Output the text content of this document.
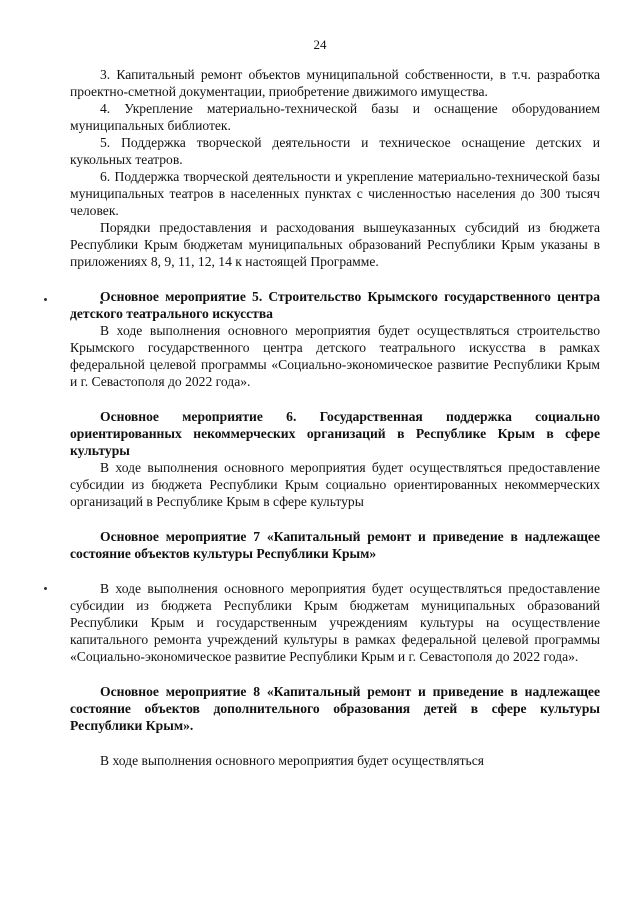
24

3. Капитальный ремонт объектов муниципальной собственности, в т.ч. разработка проектно-сметной документации, приобретение движимого имущества.

4. Укрепление материально-технической базы и оснащение оборудованием муниципальных библиотек.

5. Поддержка творческой деятельности и техническое оснащение детских и кукольных театров.

6. Поддержка творческой деятельности и укрепление материально-технической базы муниципальных театров в населенных пунктах с численностью населения до 300 тысяч человек.

Порядки предоставления и расходования вышеуказанных субсидий из бюджета Республики Крым бюджетам муниципальных образований Республики Крым указаны в приложениях 8, 9, 11, 12, 14 к настоящей Программе.

Основное мероприятие 5. Строительство Крымского государственного центра детского театрального искусства

В ходе выполнения основного мероприятия будет осуществляться строительство Крымского государственного центра детского театрального искусства в рамках федеральной целевой программы «Социально-экономическое развитие Республики Крым и г. Севастополя до 2022 года».

Основное мероприятие 6. Государственная поддержка социально ориентированных некоммерческих организаций в Республике Крым в сфере культуры

В ходе выполнения основного мероприятия будет осуществляться предоставление субсидии из бюджета Республики Крым социально ориентированных некоммерческих организаций в Республике Крым в сфере культуры

Основное мероприятие 7 «Капитальный ремонт и приведение в надлежащее состояние объектов культуры Республики Крым»

В ходе выполнения основного мероприятия будет осуществляться предоставление субсидии из бюджета Республики Крым бюджетам муниципальных образований Республики Крым и государственным учреждениям культуры на осуществление капитального ремонта учреждений культуры в рамках федеральной целевой программы «Социально-экономическое развитие Республики Крым и г. Севастополя до 2022 года».

Основное мероприятие 8 «Капитальный ремонт и приведение в надлежащее состояние объектов дополнительного образования детей в сфере культуры Республики Крым».

В ходе выполнения основного мероприятия будет осуществляться
